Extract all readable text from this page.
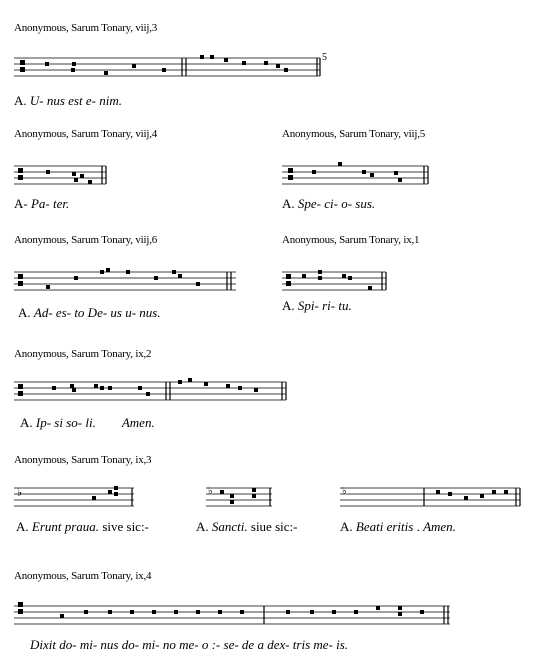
Anonymous, Sarum Tonary, viij,3
5
A. U- nus est e- nim.
Anonymous, Sarum Tonary, viij,4
A- Pa- ter.
Anonymous, Sarum Tonary, viij,5
A. Spe- ci- o- sus.
Anonymous, Sarum Tonary, viij,6
A. Ad- es- to De- us u- nus.
Anonymous, Sarum Tonary, ix,1
A. Spi- ri- tu.
Anonymous, Sarum Tonary, ix,2
A. Ip- si so- li. Amen.
Anonymous, Sarum Tonary, ix,3
♭	♭	♭
A. Erunt praua. sive sic:-	A. Sancti. siue sic:-	A. Beati eritis . Amen.
Anonymous, Sarum Tonary, ix,4
Dixit do- mi- nus do- mi- no me- o :- se- de a dex- tris me- is.
